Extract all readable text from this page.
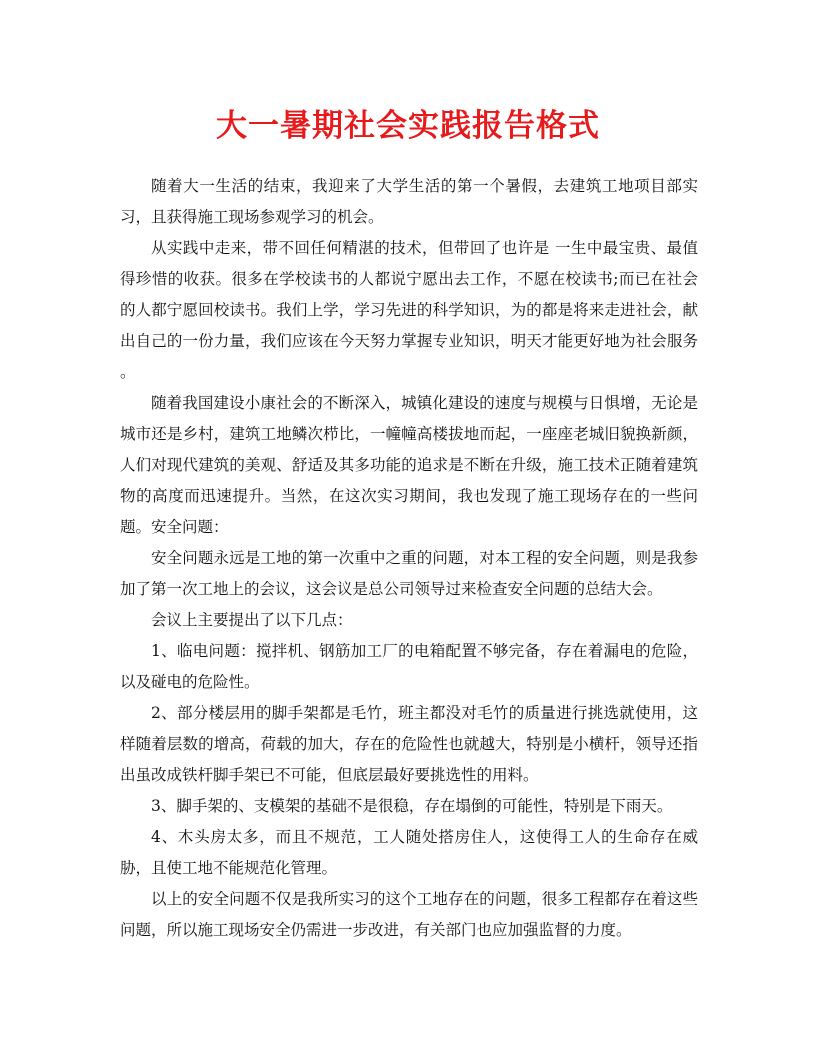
大一暑期社会实践报告格式

随着大一生活的结束，我迎来了大学生活的第一个暑假，去建筑工地项目部实习，且获得施工现场参观学习的机会。

从实践中走来，带不回任何精湛的技术，但带回了也许是 一生中最宝贵、最值得珍惜的收获。很多在学校读书的人都说宁愿出去工作，不愿在校读书;而已在社会的人都宁愿回校读书。我们上学，学习先进的科学知识，为的都是将来走进社会，献出自己的一份力量，我们应该在今天努力掌握专业知识，明天才能更好地为社会服务 。

随着我国建设小康社会的不断深入，城镇化建设的速度与规模与日惧增，无论是城市还是乡村，建筑工地鳞次栉比，一幢幢高楼拔地而起，一座座老城旧貌换新颜，人们对现代建筑的美观、舒适及其多功能的追求是不断在升级，施工技术正随着建筑物的高度而迅速提升。当然，在这次实习期间，我也发现了施工现场存在的一些问题。安全问题：

安全问题永远是工地的第一次重中之重的问题，对本工程的安全问题，则是我参加了第一次工地上的会议，这会议是总公司领导过来检查安全问题的总结大会。

会议上主要提出了以下几点：

1、临电问题：搅拌机、钢筋加工厂的电箱配置不够完备，存在着漏电的危险，以及碰电的危险性。

2、部分楼层用的脚手架都是毛竹，班主都没对毛竹的质量进行挑选就使用，这样随着层数的增高，荷载的加大，存在的危险性也就越大，特别是小横杆，领导还指出虽改成铁杆脚手架已不可能，但底层最好要挑选性的用料。

3、脚手架的、支模架的基础不是很稳，存在塌倒的可能性，特别是下雨天。

4、木头房太多，而且不规范，工人随处搭房住人，这使得工人的生命存在威胁，且使工地不能规范化管理。

以上的安全问题不仅是我所实习的这个工地存在的问题，很多工程都存在着这些问题，所以施工现场安全仍需进一步改进，有关部门也应加强监督的力度。
